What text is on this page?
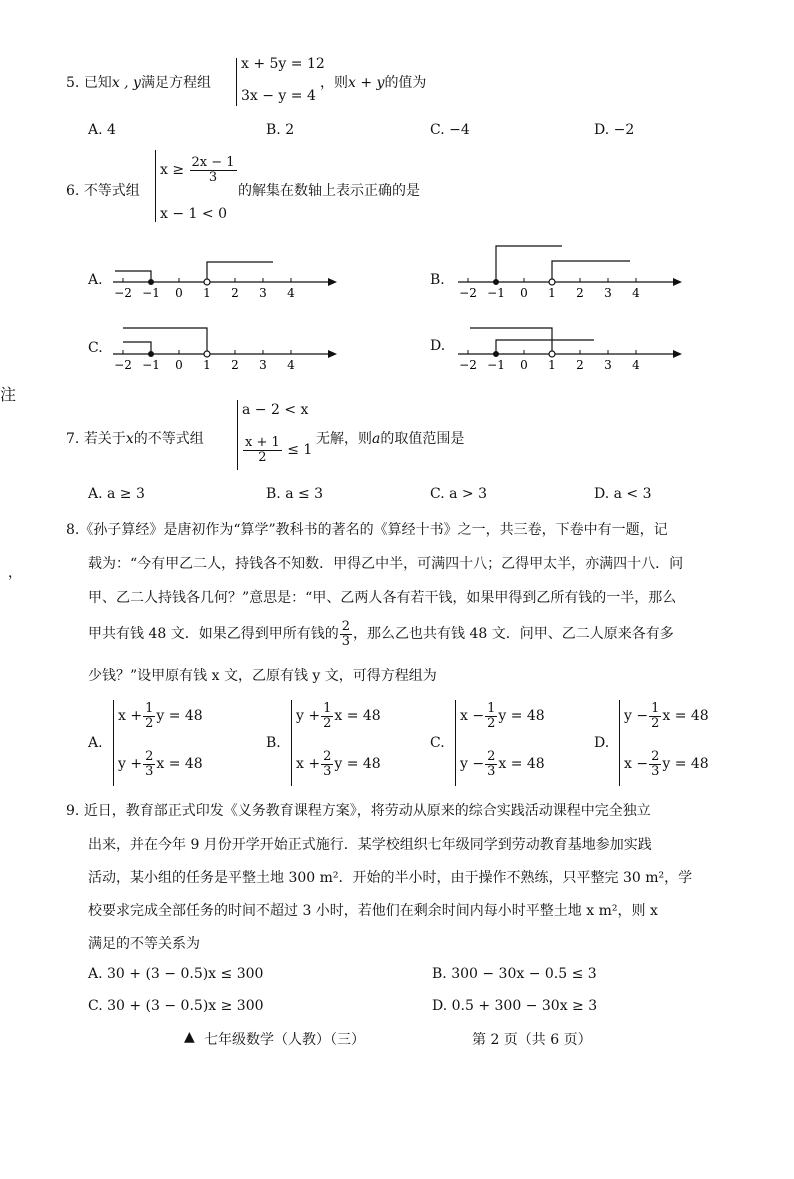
注
，
5. 已知x , y满足方程组
x + 5y = 12
3x − y = 4
，则x + y的值为
A. 4	B. 2	C. −4	D. −2
6. 不等式组
$x \ge \frac{2x - 1}{3}$
x − 1 < 0
的解集在数轴上表示正确的是
A.
−2 −1 0 1 2 3 4
B.
−2 −1 0 1 2 3 4
C.
−2 −1 0 1 2 3 4
D.
−2 −1 0 1 2 3 4
7. 若关于x的不等式组
a − 2 < x
$\frac{x + 1}{2} \le 1$
无解，则a的取值范围是
A. a ≥ 3	B. a ≤ 3	C. a > 3	D. a < 3
8.《孙子算经》是唐初作为“算学”教科书的著名的《算经十书》之一，共三卷，下卷中有一题，记
载为：“今有甲乙二人，持钱各不知数．甲得乙中半，可满四十八；乙得甲太半，亦满四十八．问
甲、乙二人持钱各几何？”意思是：“甲、乙两人各有若干钱，如果甲得到乙所有钱的一半，那么
甲共有钱 48 文．如果乙得到甲所有钱的 $\frac{2}{3}$ ，那么乙也共有钱 48 文．问甲、乙二人原来各有多
少钱？”设甲原有钱 x 文，乙原有钱 y 文，可得方程组为
A.
$x + \frac{1}{2}$ y = 48
$y + \frac{2}{3}$ x = 48
B.
$y + \frac{1}{2}$ x = 48
$x + \frac{2}{3}$ y = 48
C.
$x - \frac{1}{2}$ y = 48
$y - \frac{2}{3}$ x = 48
D.
$y - \frac{1}{2}$ x = 48
$x - \frac{2}{3}$ y = 48
9. 近日，教育部正式印发《义务教育课程方案》，将劳动从原来的综合实践活动课程中完全独立
出来，并在今年 9 月份开学开始正式施行．某学校组织七年级同学到劳动教育基地参加实践
活动，某小组的任务是平整土地 300 m²．开始的半小时，由于操作不熟练，只平整完 30 m²，学
校要求完成全部任务的时间不超过 3 小时，若他们在剩余时间内每小时平整土地 x m²，则 x
满足的不等关系为
A. 30 + (3 − 0.5)x ≤ 300	B. 300 − 30x − 0.5 ≤ 3
C. 30 + (3 − 0.5)x ≥ 300	D. 0.5 + 300 − 30x ≥ 3
▲ 七年级数学（人教）（三）	第 2 页（共 6 页）
